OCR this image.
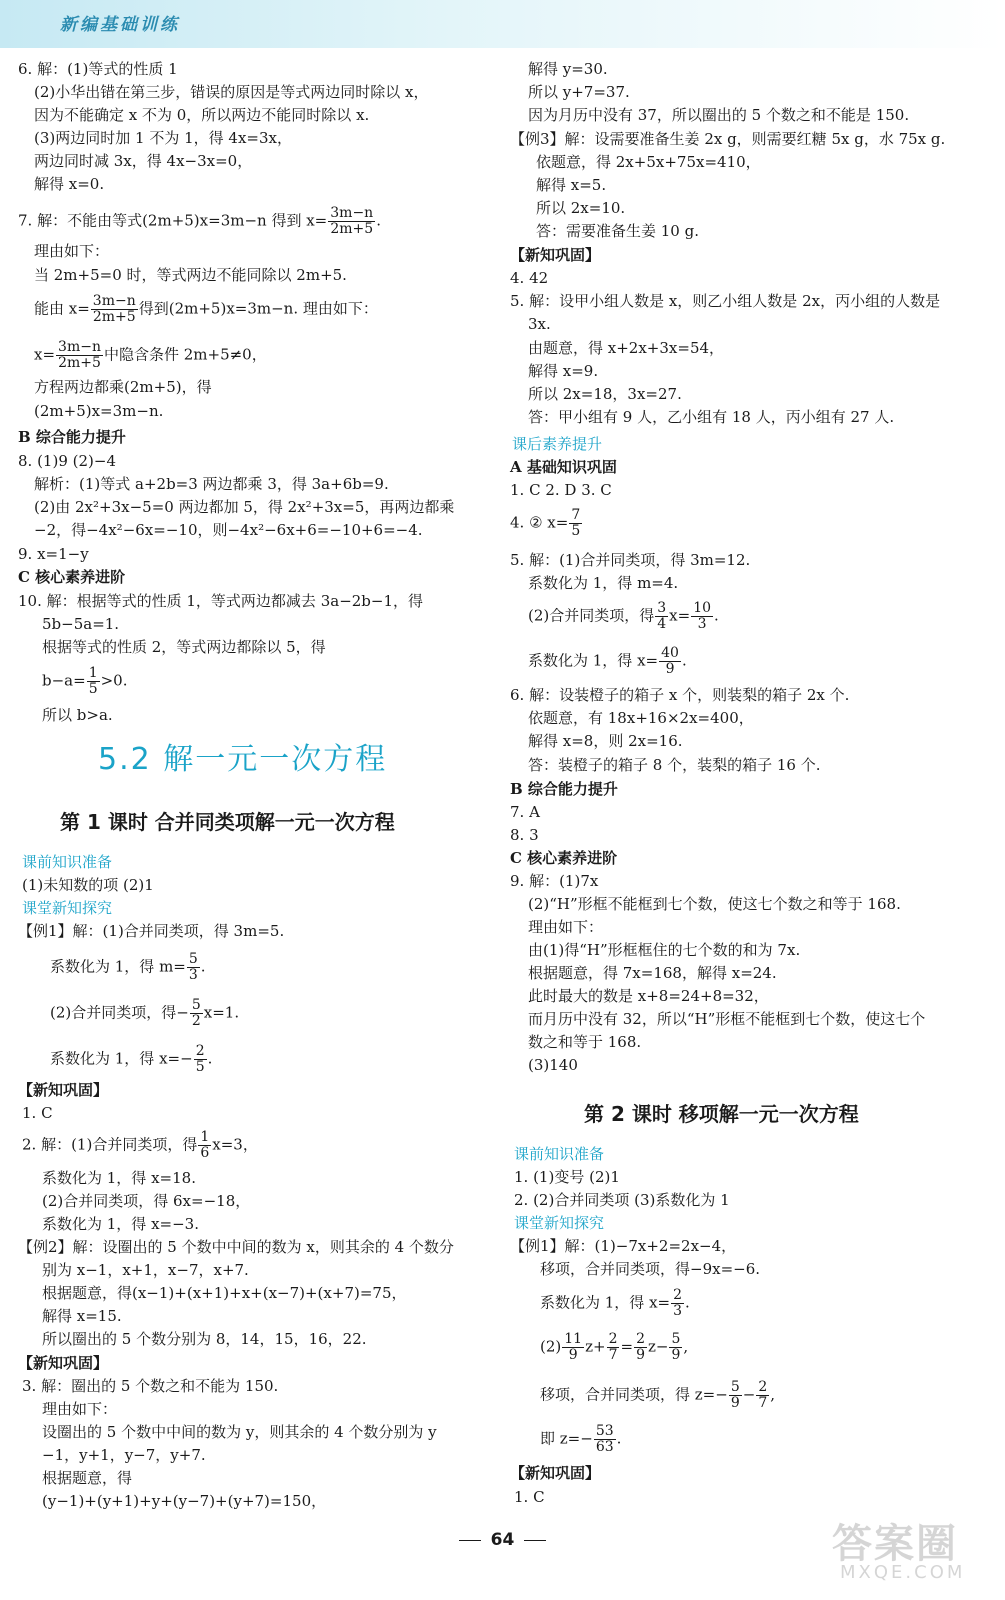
新编基础训练
6. 解：(1)等式的性质 1
(2)小华出错在第三步，错误的原因是等式两边同时除以 x，
因为不能确定 x 不为 0，所以两边不能同时除以 x.
(3)两边同时加 1 不为 1，得 4x=3x，
两边同时减 3x，得 4x−3x=0，
解得 x=0.
7. 解：不能由等式(2m+5)x=3m−n 得到 $x= \frac{3m-n}{2m+5}$ .
理由如下：
当 2m+5=0 时，等式两边不能同除以 2m+5.
能由 $x= \frac{3m-n}{2m+5}$ 得到(2m+5)x=3m−n. 理由如下：
$x= \frac{3m-n}{2m+5}$ 中隐含条件 2m+5≠0，
方程两边都乘(2m+5)，得
(2m+5)x=3m−n.
B 综合能力提升
8. (1)9 (2)−4
解析：(1)等式 a+2b=3 两边都乘 3，得 3a+6b=9.
(2)由 2x²+3x−5=0 两边都加 5，得 2x²+3x=5，再两边都乘
−2，得−4x²−6x=−10，则−4x²−6x+6=−10+6=−4.
9. x=1−y
C 核心素养进阶
10. 解：根据等式的性质 1，等式两边都减去 3a−2b−1，得
5b−5a=1.
根据等式的性质 2，等式两边都除以 5，得
$b-a= \frac{1}{5} >0$.
所以 b>a.
5.2 解一元一次方程
第 1 课时 合并同类项解一元一次方程
课前知识准备
(1)未知数的项 (2)1
课堂新知探究
【例1】解：(1)合并同类项，得 3m=5.
系数化为 1，得 $m= \frac{5}{3}$ .
(2)合并同类项，得− $\frac{5}{2} x=1$.
系数化为 1，得 $x=- \frac{2}{5}$ .
【新知巩固】
1. C
2. 解：(1)合并同类项，得 $\frac{1}{6} x=3$，
系数化为 1，得 x=18.
(2)合并同类项，得 6x=−18，
系数化为 1，得 x=−3.
【例2】解：设圈出的 5 个数中中间的数为 x，则其余的 4 个数分
别为 x−1，x+1，x−7，x+7.
根据题意，得(x−1)+(x+1)+x+(x−7)+(x+7)=75，
解得 x=15.
所以圈出的 5 个数分别为 8，14，15，16，22.
【新知巩固】
3. 解：圈出的 5 个数之和不能为 150.
理由如下：
设圈出的 5 个数中中间的数为 y，则其余的 4 个数分别为 y
−1，y+1，y−7，y+7.
根据题意，得
(y−1)+(y+1)+y+(y−7)+(y+7)=150，
解得 y=30.
所以 y+7=37.
因为月历中没有 37，所以圈出的 5 个数之和不能是 150.
【例3】解：设需要准备生姜 2x g，则需要红糖 5x g，水 75x g.
依题意，得 2x+5x+75x=410，
解得 x=5.
所以 2x=10.
答：需要准备生姜 10 g.
【新知巩固】
4. 42
5. 解：设甲小组人数是 x，则乙小组人数是 2x，丙小组的人数是
3x.
由题意，得 x+2x+3x=54，
解得 x=9.
所以 2x=18，3x=27.
答：甲小组有 9 人，乙小组有 18 人，丙小组有 27 人.
课后素养提升
A 基础知识巩固
1. C 2. D 3. C
4. ② $x= \frac{7}{5}$
5. 解：(1)合并同类项，得 3m=12.
系数化为 1，得 m=4.
(2)合并同类项，得 $\frac{3}{4} x= \frac{10}{3}$ .
系数化为 1，得 $x= \frac{40}{9}$ .
6. 解：设装橙子的箱子 x 个，则装梨的箱子 2x 个.
依题意，有 18x+16×2x=400，
解得 x=8，则 2x=16.
答：装橙子的箱子 8 个，装梨的箱子 16 个.
B 综合能力提升
7. A
8. 3
C 核心素养进阶
9. 解：(1)7x
(2)“H”形框不能框到七个数，使这七个数之和等于 168.
理由如下：
由(1)得“H”形框框住的七个数的和为 7x.
根据题意，得 7x=168，解得 x=24.
此时最大的数是 x+8=24+8=32，
而月历中没有 32，所以“H”形框不能框到七个数，使这七个
数之和等于 168.
(3)140
第 2 课时 移项解一元一次方程
课前知识准备
1. (1)变号 (2)1
2. (2)合并同类项 (3)系数化为 1
课堂新知探究
【例1】解：(1)−7x+2=2x−4，
移项，合并同类项，得−9x=−6.
系数化为 1，得 $x= \frac{2}{3}$ .
$(2) \frac{11}{9} z+ \frac{2}{7} = \frac{2}{9} z- \frac{5}{9}$ ,
移项，合并同类项，得 $z=- \frac{5}{9} - \frac{2}{7}$ ,
即 $z=- \frac{53}{63}$ .
【新知巩固】
1. C
64	答案圈
MXQE.COM
